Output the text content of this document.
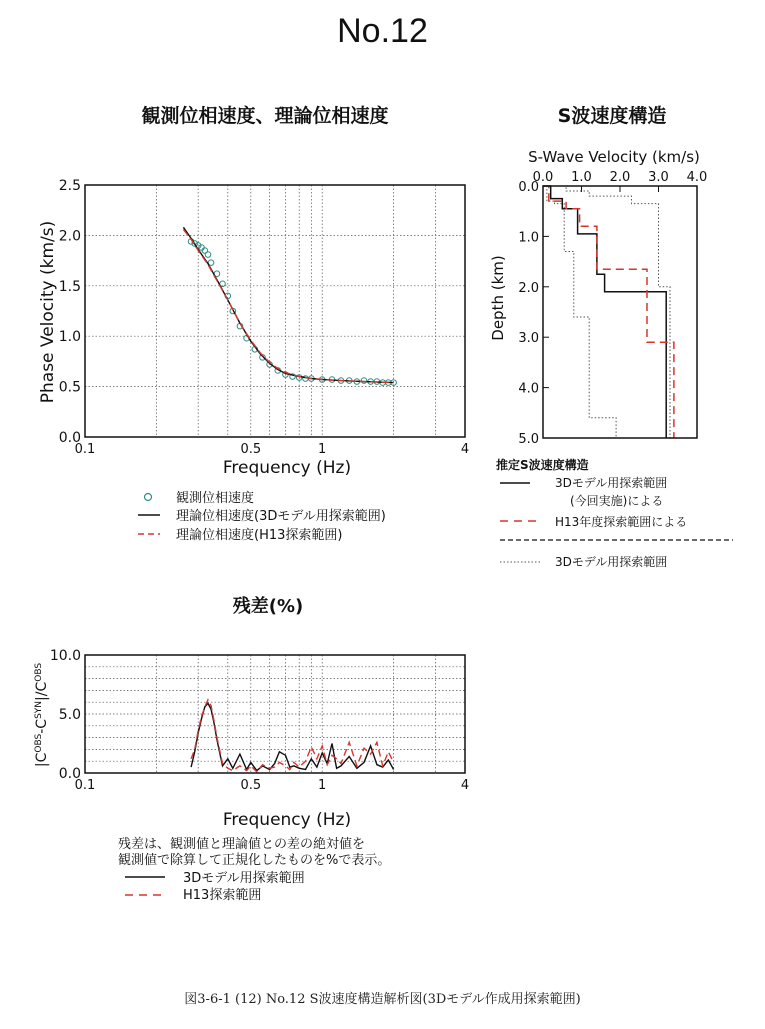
No.12
観測位相速度、理論位相速度
Frequency (Hz)
Phase Velocity (km/s)
0.1	0.5	1	4
0.0
0.5
1.0
1.5
2.0
2.5
観測位相速度
理論位相速度(3Dモデル用探索範囲)
理論位相速度(H13探索範囲)
S波速度構造
S-Wave Velocity (km/s)
Depth (km)
0.0 1.0 2.0 3.0 4.0
0.0
1.0
2.0
3.0
4.0
5.0
推定S波速度構造
3Dモデル用探索範囲
(今回実施)による
H13年度探索範囲による
3Dモデル用探索範囲
残差(%)
Frequency (Hz)
$|C^{OBS}-C^{SYN}|/C^{OBS}$
0.1	0.5	1	4
0.0
5.0
10.0
残差は、観測値と理論値との差の絶対値を
観測値で除算して正規化したものを%で表示。
3Dモデル用探索範囲
H13探索範囲
図3-6-1 (12) No.12 S波速度構造解析図(3Dモデル作成用探索範囲)
